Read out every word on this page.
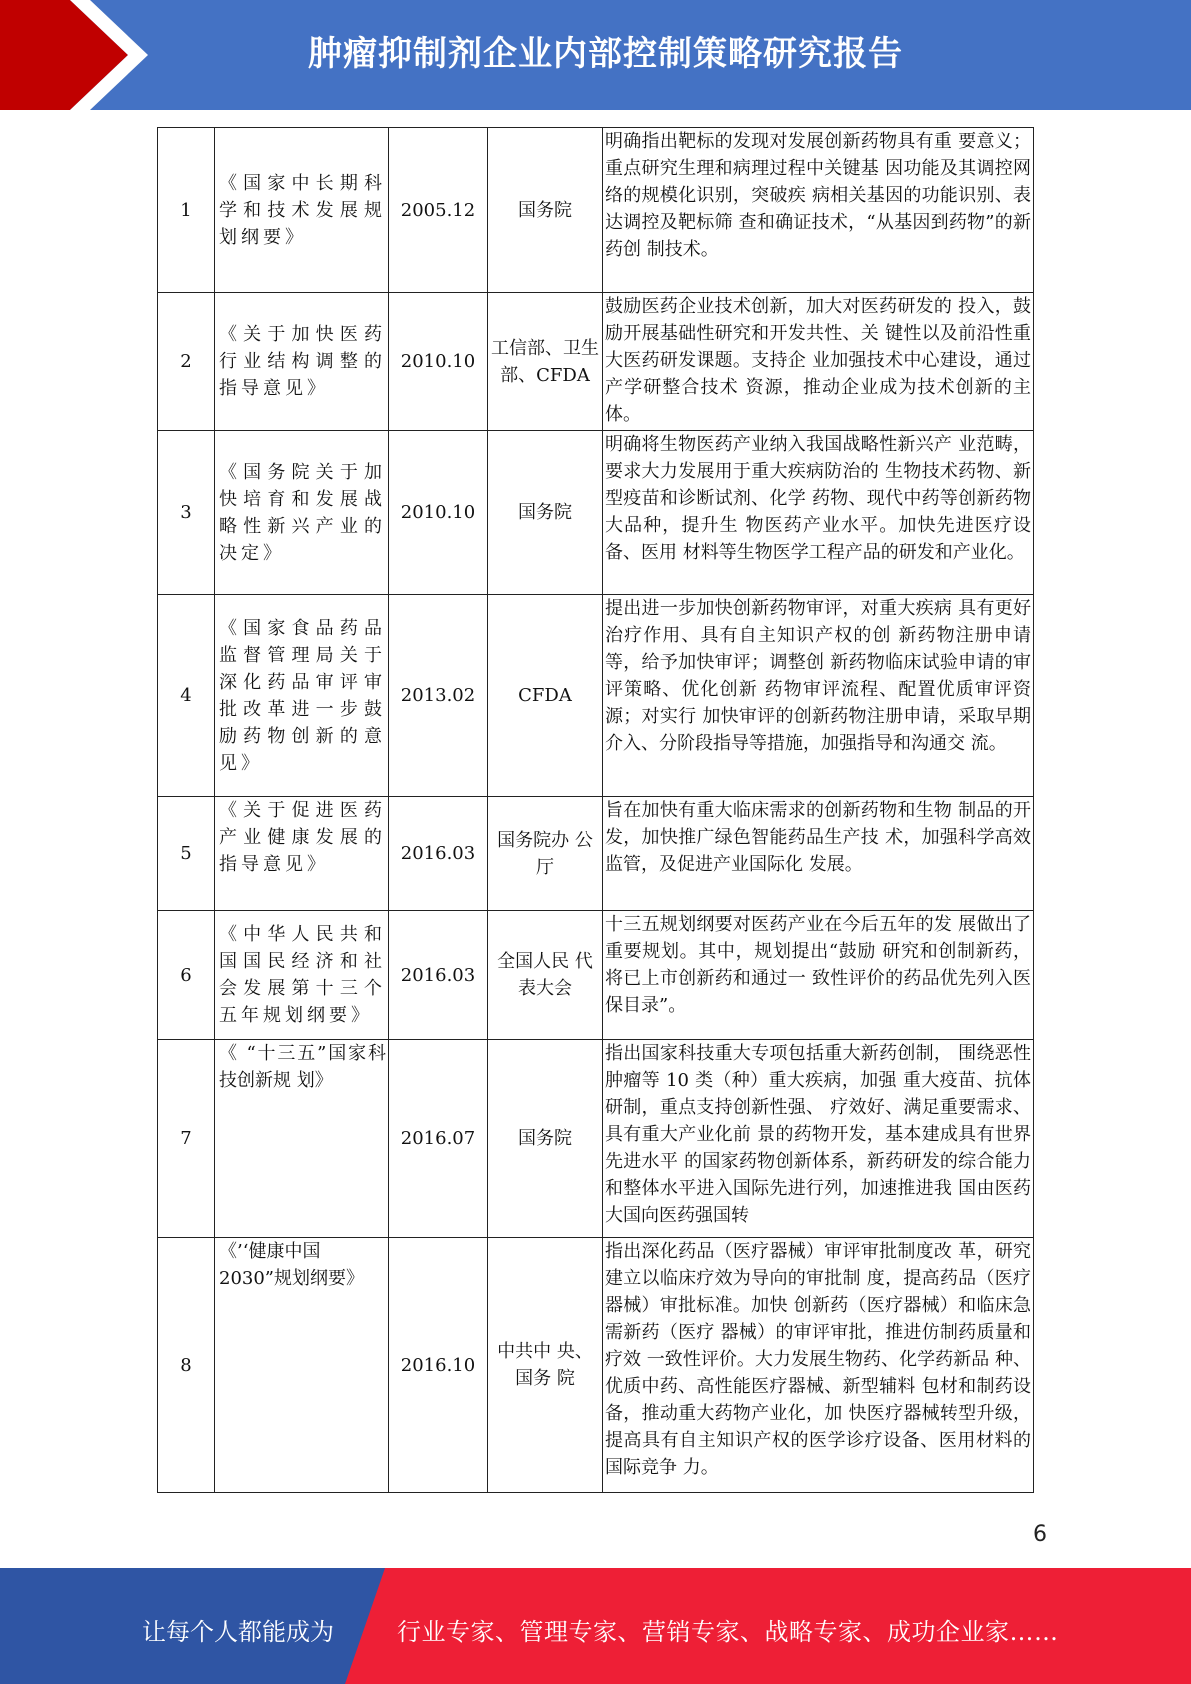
肿瘤抑制剂企业内部控制策略研究报告
1	《国家中长期科学和技术发展规划纲要》	2005.12	国务院	明确指出靶标的发现对发展创新药物具有重 要意义；重点研究生理和病理过程中关键基 因功能及其调控网络的规模化识别，突破疾 病相关基因的功能识别、表达调控及靶标筛 查和确证技术，“从基因到药物”的新药创 制技术。
2	《关于加快医药行业结构调整的指导意见》	2010.10	工信部、卫生部、CFDA	鼓励医药企业技术创新，加大对医药研发的 投入，鼓励开展基础性研究和开发共性、关 键性以及前沿性重大医药研发课题。支持企 业加强技术中心建设，通过产学研整合技术 资源，推动企业成为技术创新的主体。
3	《国务院关于加快培育和发展战略性新兴产业的决定》	2010.10	国务院	明确将生物医药产业纳入我国战略性新兴产 业范畴，要求大力发展用于重大疾病防治的 生物技术药物、新型疫苗和诊断试剂、化学 药物、现代中药等创新药物大品种，提升生 物医药产业水平。加快先进医疗设备、医用 材料等生物医学工程产品的研发和产业化。
4	《国家食品药品监督管理局关于深化药品审评审批改革进一步鼓励药物创新的意见》	2013.02	CFDA	提出进一步加快创新药物审评，对重大疾病 具有更好治疗作用、具有自主知识产权的创 新药物注册申请等，给予加快审评；调整创 新药物临床试验申请的审评策略、优化创新 药物审评流程、配置优质审评资源；对实行 加快审评的创新药物注册申请，采取早期介入、分阶段指导等措施，加强指导和沟通交 流。
5	《关于促进医药产业健康发展的指导意见》	2016.03	国务院办 公厅	旨在加快有重大临床需求的创新药物和生物 制品的开发，加快推广绿色智能药品生产技 术，加强科学高效监管，及促进产业国际化 发展。
6	《中华人民共和国国民经济和社会发展第十三个五年规划纲要》	2016.03	全国人民 代表大会	十三五规划纲要对医药产业在今后五年的发 展做出了重要规划。其中，规划提出“鼓励 研究和创制新药，将已上市创新药和通过一 致性评价的药品优先列入医保目录”。
7	《 “十三五”国家科技创新规 划》	2016.07	国务院	指出国家科技重大专项包括重大新药创制， 围绕恶性肿瘤等 10 类（种）重大疾病，加强 重大疫苗、抗体研制，重点支持创新性强、 疗效好、满足重要需求、具有重大产业化前 景的药物开发，基本建成具有世界先进水平 的国家药物创新体系，新药研发的综合能力 和整体水平进入国际先进行列，加速推进我 国由医药大国向医药强国转
8	《’‘健康中国2030”规划纲要》	2016.10	中共中 央、国务 院	指出深化药品（医疗器械）审评审批制度改 革，研究建立以临床疗效为导向的审批制 度，提高药品（医疗器械）审批标准。加快 创新药（医疗器械）和临床急需新药（医疗 器械）的审评审批，推进仿制药质量和疗效 一致性评价。大力发展生物药、化学药新品 种、优质中药、高性能医疗器械、新型辅料 包材和制药设备，推动重大药物产业化，加 快医疗器械转型升级，提高具有自主知识产权的医学诊疗设备、医用材料的国际竞争 力。
6
让每个人都能成为	行业专家、管理专家、营销专家、战略专家、成功企业家……
